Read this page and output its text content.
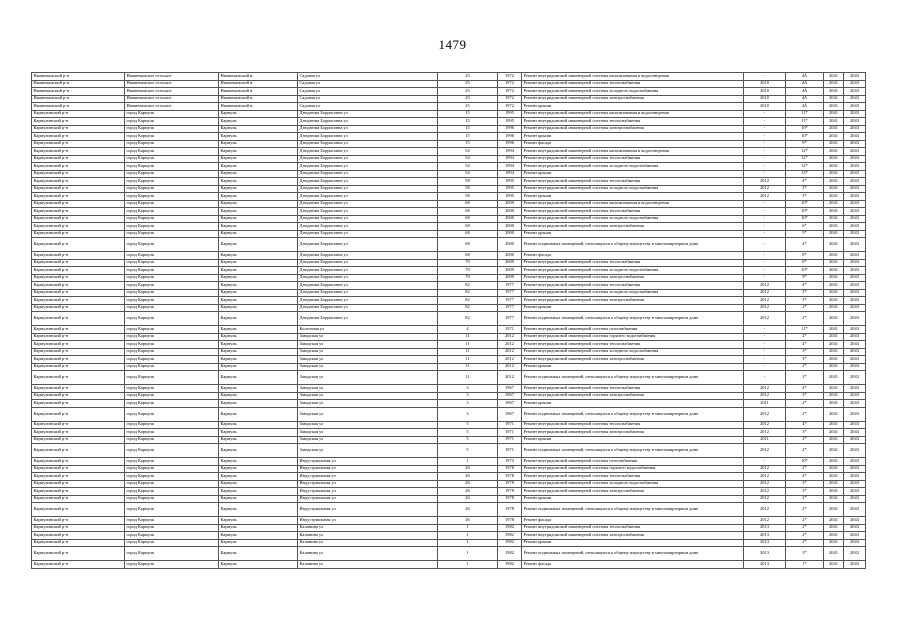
1479
Нижнекамский р-н	Нижнекамское сельское	Нижнекамский н.	Садовая ул	25	1972	Ремонт внутридомовой инженерной системы канализования и водоотведения	-	4Ä	2041	2043
Нижнекамский р-н	Нижнекамское сельское	Нижнекамский н.	Садовая ул	25	1972	Ремонт внутридомовой инженерной системы теплоснабжения	2010	4Ä	2041	2043
Нижнекамский р-н	Нижнекамское сельское	Нижнекамский н.	Садовая ул	25	1972	Ремонт внутридомовой инженерной системы холодного водоснабжения	2010	4Ä	2041	2043
Нижнекамский р-н	Нижнекамское сельское	Нижнекамский н.	Садовая ул	25	1972	Ремонт внутридомовой инженерной системы электроснабжения	2010	4Ä	2041	2043
Нижнекамский р-н	Нижнекамское сельское	Нижнекамский н.	Садовая ул	25	1972	Ремонт крыши	2010	4Ä	2041	2043
Кармулинский р-н	город Кармулк	Кармулк.	Дзюдзюма Боррисовна ул	15	1995	Ремонт внутридомовой инженерной системы канализования и водоотведения	-	11*	2041	2043
Кармулинский р-н	город Кармулк	Кармулк.	Дзюдзюма Боррисовна ул	15	1995	Ремонт внутридомовой инженерной системы теплоснабжения	-	11*	2041	2043
Кармулинский р-н	город Кармулк	Кармулк.	Дзюдзюма Боррисовна ул	15	1996	Ремонт внутридомовой инженерной системы электроснабжения	-	10*	2041	2043
Кармулинский р-н	город Кармулк	Кармулк.	Дзюдзюма Боррисовна ул	15	1996	Ремонт крыши	-	10*	2041	2043
Кармулинский р-н	город Кармулк	Кармулк.	Дзюдзюма Боррисовна ул	15	1996	Ремонт фасада	-	9*	2041	2043
Кармулинский р-н	город Кармулк	Кармулк.	Дзюдзюма Боррисовна ул	54	1994	Ремонт внутридомовой инженерной системы канализования и водоотведения	-	12*	2041	2043
Кармулинский р-н	город Кармулк	Кармулк.	Дзюдзюма Боррисовна ул	54	1994	Ремонт внутридомовой инженерной системы теплоснабжения	-	12*	2041	2043
Кармулинский р-н	город Кармулк	Кармулк.	Дзюдзюма Боррисовна ул	54	1994	Ремонт внутридомовой инженерной системы холодного водоснабжения	-	12*	2041	2043
Кармулинский р-н	город Кармулк	Кармулк.	Дзюдзюма Боррисовна ул	54	1994	Ремонт крыши	-	13*	2041	2043
Кармулинский р-н	город Кармулк	Кармулк.	Дзюдзюма Боррисовна ул	58	1995	Ремонт внутридомовой инженерной системы теплоснабжения	2012	4*	2041	2043
Кармулинский р-н	город Кармулк	Кармулк.	Дзюдзюма Боррисовна ул	58	1995	Ремонт внутридомовой инженерной системы холодного водоснабжения	2012	3*	2041	2043
Кармулинский р-н	город Кармулк	Кармулк.	Дзюдзюма Боррисовна ул	58	1995	Ремонт крыши	2012	3*	2041	2043
Кармулинский р-н	город Кармулк	Кармулк.	Дзюдзюма Боррисовна ул	68	2000	Ремонт внутридомовой инженерной системы канализования и водоотведения	-	10*	2041	2043
Кармулинский р-н	город Кармулк	Кармулк.	Дзюдзюма Боррисовна ул	68	2000	Ремонт внутридомовой инженерной системы теплоснабжения	-	10*	2041	2043
Кармулинский р-н	город Кармулк	Кармулк.	Дзюдзюма Боррисовна ул	68	2000	Ремонт внутридомовой инженерной системы холодного водоснабжения	-	10*	2041	2043
Кармулинский р-н	город Кармулк	Кармулк.	Дзюдзюма Боррисовна ул	68	2000	Ремонт внутридомовой инженерной системы электроснабжения	-	6*	2041	2043
Кармулинский р-н	город Кармулк	Кармулк.	Дзюдзюма Боррисовна ул	68	2000	Ремонт крыши	-	5*	2041	2043
Кармулинский р-н	город Кармулк	Кармулк.	Дзюдзюма Боррисовна ул	68	2000	Ремонт подвальных помещений, относящихся к общему имуществу в многоквартирном доме	-	4*	2041	2043
Кармулинский р-н	город Кармулк	Кармулк.	Дзюдзюма Боррисовна ул	68	2000	Ремонт фасада	-	8*	2041	2043
Кармулинский р-н	город Кармулк	Кармулк.	Дзюдзюма Боррисовна ул	70	2009	Ремонт внутридомовой инженерной системы теплоснабжения	-	8*	2041	2043
Кармулинский р-н	город Кармулк	Кармулк.	Дзюдзюма Боррисовна ул	70	2009	Ремонт внутридомовой инженерной системы холодного водоснабжения	-	10*	2041	2043
Кармулинский р-н	город Кармулк	Кармулк.	Дзюдзюма Боррисовна ул	70	2009	Ремонт внутридомовой инженерной системы электроснабжения	-	9*	2041	2043
Кармулинский р-н	город Кармулк	Кармулк.	Дзюдзюма Боррисовна ул	82	1977	Ремонт внутридомовой инженерной системы теплоснабжения	2012	4*	2041	2043
Кармулинский р-н	город Кармулк	Кармулк.	Дзюдзюма Боррисовна ул	82	1977	Ремонт внутридомовой инженерной системы холодного водоснабжения	2012	3*	2041	2043
Кармулинский р-н	город Кармулк	Кармулк.	Дзюдзюма Боррисовна ул	82	1977	Ремонт внутридомовой инженерной системы электроснабжения	2012	3*	2041	2043
Кармулинский р-н	город Кармулк	Кармулк.	Дзюдзюма Боррисовна ул	82	1977	Ремонт крыши	2012	2*	2041	2043
Кармулинский р-н	город Кармулк	Кармулк.	Дзюдзюма Боррисовна ул	82	1977	Ремонт подвальных помещений, относящихся к общему имуществу в многоквартирном доме	2012	2*	2041	2043
Кармулинский р-н	город Кармулк	Кармулк.	Колхозная ул	4	1971	Ремонт внутридомовой инженерной системы газоснабжения	-	11*	2041	2043
Кармулинский р-н	город Кармулк	Кармулк.	Заводская ул	11	2012	Ремонт внутридомовой инженерной системы горячего водоснабжения	-	2*	2041	2043
Кармулинский р-н	город Кармулк	Кармулк.	Заводская ул	11	2012	Ремонт внутридомовой инженерной системы теплоснабжения	-	4*	2041	2043
Кармулинский р-н	город Кармулк	Кармулк.	Заводская ул	11	2012	Ремонт внутридомовой инженерной системы холодного водоснабжения	-	3*	2041	2043
Кармулинский р-н	город Кармулк	Кармулк.	Заводская ул	11	2012	Ремонт внутридомовой инженерной системы электроснабжения	-	3*	2041	2043
Кармулинский р-н	город Кармулк	Кармулк.	Заводская ул	11	2012	Ремонт крыши	-	2*	2041	2043
Кармулинский р-н	город Кармулк	Кармулк.	Заводская ул	11	2012	Ремонт подвальных помещений, относящихся к общему имуществу в многоквартирном доме	-	2*	2041	2043
Кармулинский р-н	город Кармулк	Кармулк.	Заводская ул	3	1967	Ремонт внутридомовой инженерной системы теплоснабжения	2012	4*	2041	2043
Кармулинский р-н	город Кармулк	Кармулк.	Заводская ул	3	1967	Ремонт внутридомовой инженерной системы электроснабжения	2012	3*	2041	2043
Кармулинский р-н	город Кармулк	Кармулк.	Заводская ул	3	1967	Ремонт крыши	2011	2*	2041	2043
Кармулинский р-н	город Кармулк	Кармулк.	Заводская ул	3	1967	Ремонт подвальных помещений, относящихся к общему имуществу в многоквартирном доме	2012	2*	2041	2043
Кармулинский р-н	город Кармулк	Кармулк.	Заводская ул	5	1971	Ремонт внутридомовой инженерной системы теплоснабжения	2012	4*	2041	2043
Кармулинский р-н	город Кармулк	Кармулк.	Заводская ул	5	1971	Ремонт внутридомовой инженерной системы электроснабжения	2012	3*	2041	2043
Кармулинский р-н	город Кармулк	Кармулк.	Заводская ул	5	1971	Ремонт крыши	2011	2*	2041	2043
Кармулинский р-н	город Кармулк	Кармулк.	Заводская ул	5	1971	Ремонт подвальных помещений, относящихся к общему имуществу в многоквартирном доме	2012	2*	2041	2043
Кармулинский р-н	город Кармулк	Кармулк.	Индустриальная ул	1	1973	Ремонт внутридомовой инженерной системы газоснабжения	-	10*	2041	2043
Кармулинский р-н	город Кармулк	Кармулк.	Индустриальная ул	26	1978	Ремонт внутридомовой инженерной системы горячего водоснабжения	2012	2*	2041	2043
Кармулинский р-н	город Кармулк	Кармулк.	Индустриальная ул	26	1978	Ремонт внутридомовой инженерной системы теплоснабжения	2012	4*	2041	2043
Кармулинский р-н	город Кармулк	Кармулк.	Индустриальная ул	26	1978	Ремонт внутридомовой инженерной системы холодного водоснабжения	2012	3*	2041	2043
Кармулинский р-н	город Кармулк	Кармулк.	Индустриальная ул	26	1978	Ремонт внутридомовой инженерной системы электроснабжения	2012	3*	2041	2043
Кармулинский р-н	город Кармулк	Кармулк.	Индустриальная ул	26	1978	Ремонт крыши	2012	2*	2041	2043
Кармулинский р-н	город Кармулк	Кармулк.	Индустриальная ул	26	1978	Ремонт подвальных помещений, относящихся к общему имуществу в многоквартирном доме	2012	2*	2041	2043
Кармулинский р-н	город Кармулк	Кармулк.	Индустриальная ул	26	1978	Ремонт фасада	2012	2*	2041	2043
Кармулинский р-н	город Кармулк	Кармулк.	Калинина ул	1	1982	Ремонт внутридомовой инженерной системы теплоснабжения	2013	2*	2041	2043
Кармулинский р-н	город Кармулк	Кармулк.	Калинина ул	1	1982	Ремонт внутридомовой инженерной системы электроснабжения	2013	2*	2041	2043
Кармулинский р-н	город Кармулк	Кармулк.	Калинина ул	1	1982	Ремонт крыши	2013	2*	2041	2043
Кармулинский р-н	город Кармулк	Кармулк.	Калинина ул	1	1982	Ремонт подвальных помещений, относящихся к общему имуществу в многоквартирном доме	2013	3*	2041	2043
Кармулинский р-н	город Кармулк	Кармулк.	Калинина ул	1	1982	Ремонт фасада	2013	1*	2041	2043
